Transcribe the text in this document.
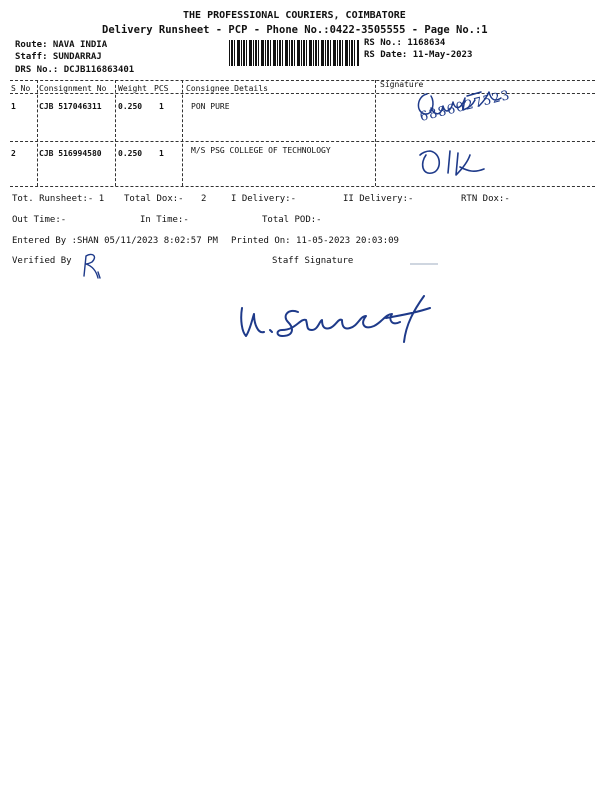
THE PROFESSIONAL COURIERS, COIMBATORE
Delivery Runsheet - PCP - Phone No.:0422-3505555 - Page No.:1
Route: NAVA INDIA
Staff: SUNDARRAJ
DRS No.: DCJB116863401
RS No.: 1168634
RS Date: 11-May-2023
S No Consignment No Weight PCS Consignee Details	Signature
1	CJB 517046311 0.250 1	PON PURE
2	CJB 516994580 0.250 1	M/S PSG COLLEGE OF TECHNOLOGY
6886027523
Tot. Runsheet:- 1 Total Dox:- 2	I Delivery:-	II Delivery:-	RTN Dox:-
Out Time:-	In Time:-	Total POD:-
Entered By :SHAN 05/11/2023 8:02:57 PM Printed On: 11-05-2023 20:03:09
Verified By	Staff Signature
